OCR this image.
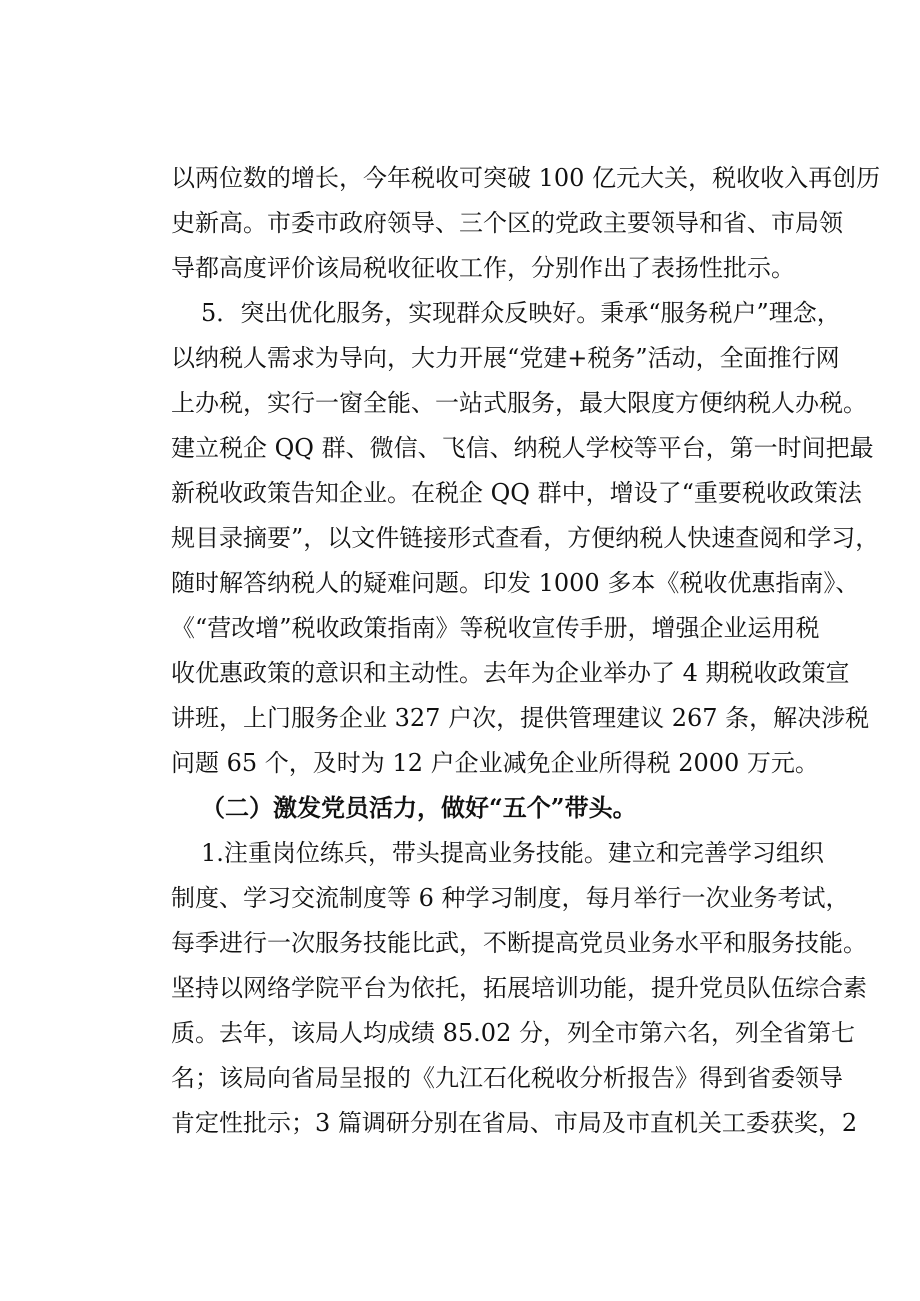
以两位数的增长，今年税收可突破 100 亿元大关，税收收入再创历
史新高。市委市政府领导、三个区的党政主要领导和省、市局领
导都高度评价该局税收征收工作，分别作出了表扬性批示。
5．突出优化服务，实现群众反映好。秉承“服务税户”理念，
以纳税人需求为导向，大力开展“党建+税务”活动，全面推行网
上办税，实行一窗全能、一站式服务，最大限度方便纳税人办税。
建立税企 QQ 群、微信、飞信、纳税人学校等平台，第一时间把最
新税收政策告知企业。在税企 QQ 群中，增设了“重要税收政策法
规目录摘要”，以文件链接形式查看，方便纳税人快速查阅和学习，
随时解答纳税人的疑难问题。印发 1000 多本《税收优惠指南》、
《“营改增”税收政策指南》等税收宣传手册，增强企业运用税
收优惠政策的意识和主动性。去年为企业举办了 4 期税收政策宣
讲班，上门服务企业 327 户次，提供管理建议 267 条，解决涉税
问题 65 个，及时为 12 户企业减免企业所得税 2000 万元。
（二）激发党员活力，做好“五个”带头。
1.注重岗位练兵，带头提高业务技能。建立和完善学习组织
制度、学习交流制度等 6 种学习制度，每月举行一次业务考试，
每季进行一次服务技能比武，不断提高党员业务水平和服务技能。
坚持以网络学院平台为依托，拓展培训功能，提升党员队伍综合素
质。去年，该局人均成绩 85.02 分，列全市第六名，列全省第七
名；该局向省局呈报的《九江石化税收分析报告》得到省委领导
肯定性批示；3 篇调研分别在省局、市局及市直机关工委获奖，2
